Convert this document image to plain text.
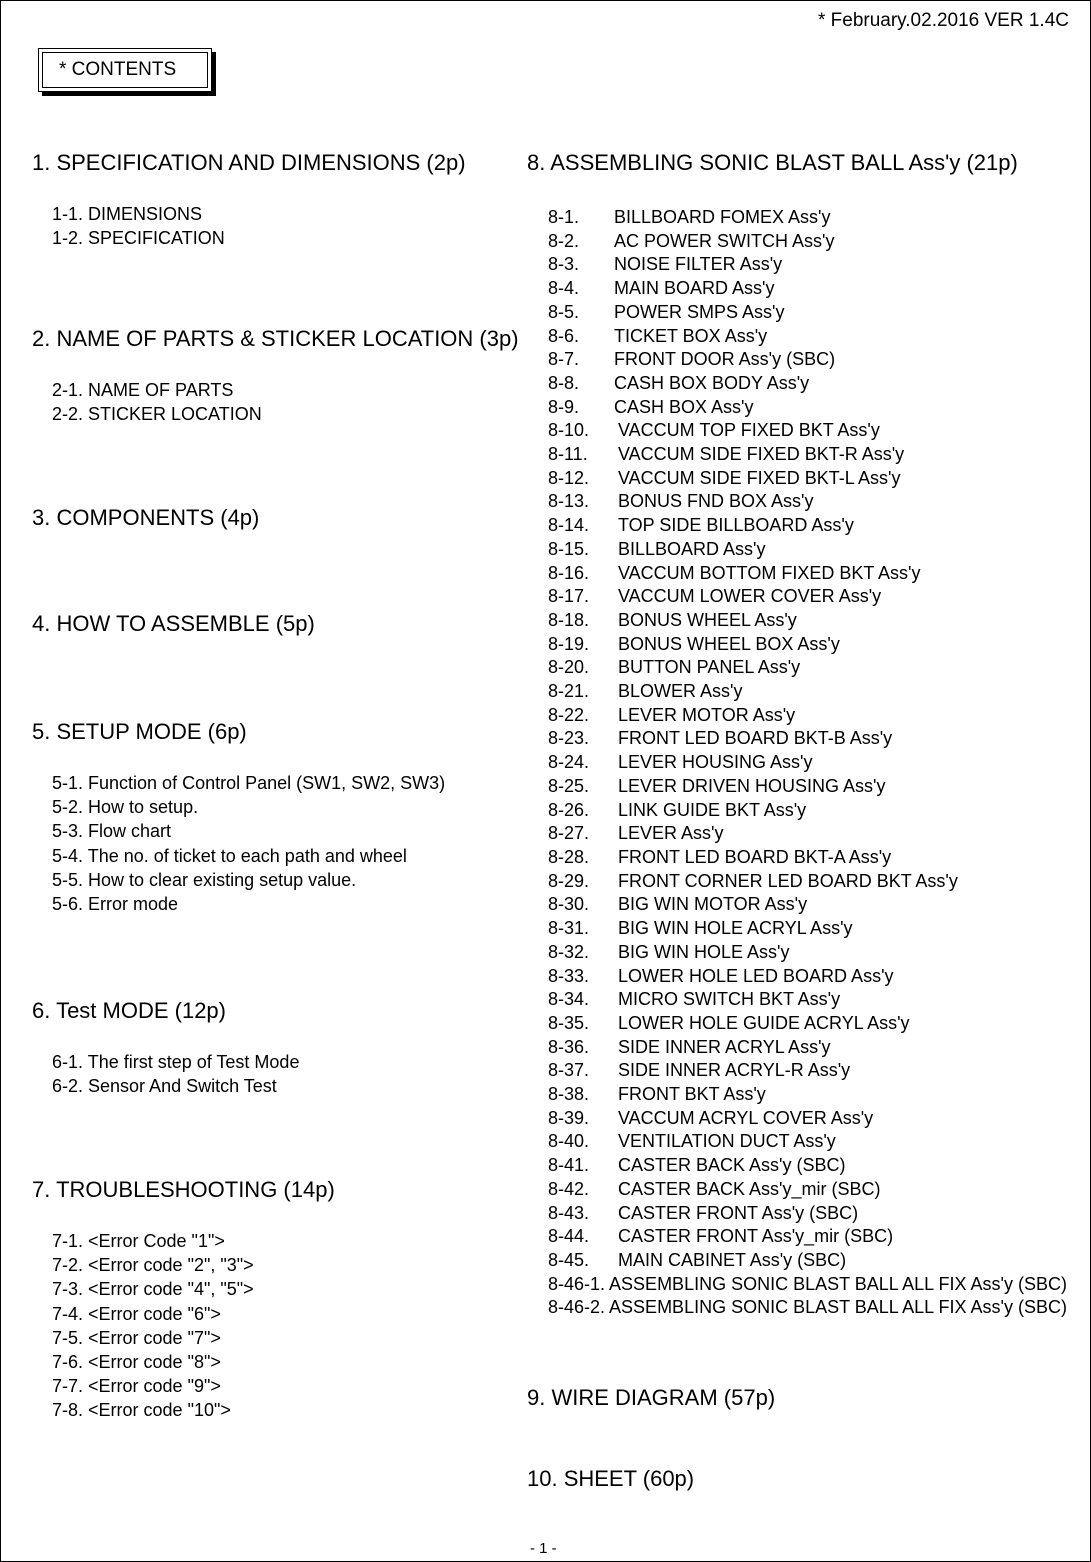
* February.02.2016 VER 1.4C
* CONTENTS
1. SPECIFICATION AND DIMENSIONS (2p)
1-1. DIMENSIONS
1-2. SPECIFICATION
2. NAME OF PARTS & STICKER LOCATION (3p)
2-1. NAME OF PARTS
2-2. STICKER LOCATION
3. COMPONENTS (4p)
4. HOW TO ASSEMBLE (5p)
5. SETUP MODE (6p)
5-1. Function of Control Panel (SW1, SW2, SW3)
5-2. How to setup.
5-3. Flow chart
5-4. The no. of ticket to each path and wheel
5-5. How to clear existing setup value.
5-6. Error mode
6. Test MODE (12p)
6-1. The first step of Test Mode
6-2. Sensor And Switch Test
7. TROUBLESHOOTING (14p)
7-1. <Error Code "1">
7-2. <Error code "2", "3">
7-3. <Error code "4", "5">
7-4. <Error code "6">
7-5. <Error code "7">
7-6. <Error code "8">
7-7. <Error code "9">
7-8. <Error code "10">
8. ASSEMBLING SONIC BLAST BALL Ass'y (21p)
8-1. BILLBOARD FOMEX Ass'y
8-2. AC POWER SWITCH Ass'y
8-3. NOISE FILTER Ass'y
8-4. MAIN BOARD Ass'y
8-5. POWER SMPS Ass'y
8-6. TICKET BOX Ass'y
8-7. FRONT DOOR Ass'y (SBC)
8-8. CASH BOX BODY Ass'y
8-9. CASH BOX Ass'y
8-10. VACCUM TOP FIXED BKT Ass'y
8-11. VACCUM SIDE FIXED BKT-R Ass'y
8-12. VACCUM SIDE FIXED BKT-L Ass'y
8-13. BONUS FND BOX Ass'y
8-14. TOP SIDE BILLBOARD Ass'y
8-15. BILLBOARD Ass'y
8-16. VACCUM BOTTOM FIXED BKT Ass'y
8-17. VACCUM LOWER COVER Ass'y
8-18. BONUS WHEEL Ass'y
8-19. BONUS WHEEL BOX Ass'y
8-20. BUTTON PANEL Ass'y
8-21. BLOWER Ass'y
8-22. LEVER MOTOR Ass'y
8-23. FRONT LED BOARD BKT-B Ass'y
8-24. LEVER HOUSING Ass'y
8-25. LEVER DRIVEN HOUSING Ass'y
8-26. LINK GUIDE BKT Ass'y
8-27. LEVER Ass'y
8-28. FRONT LED BOARD BKT-A Ass'y
8-29. FRONT CORNER LED BOARD BKT Ass'y
8-30. BIG WIN MOTOR Ass'y
8-31. BIG WIN HOLE ACRYL Ass'y
8-32. BIG WIN HOLE Ass'y
8-33. LOWER HOLE LED BOARD Ass'y
8-34. MICRO SWITCH BKT Ass'y
8-35. LOWER HOLE GUIDE ACRYL Ass'y
8-36. SIDE INNER ACRYL Ass'y
8-37. SIDE INNER ACRYL-R Ass'y
8-38. FRONT BKT Ass'y
8-39. VACCUM ACRYL COVER Ass'y
8-40. VENTILATION DUCT Ass'y
8-41. CASTER BACK Ass'y (SBC)
8-42. CASTER BACK Ass'y_mir (SBC)
8-43. CASTER FRONT Ass'y (SBC)
8-44. CASTER FRONT Ass'y_mir (SBC)
8-45. MAIN CABINET Ass'y (SBC)
8-46-1. ASSEMBLING SONIC BLAST BALL ALL FIX Ass'y (SBC)
8-46-2. ASSEMBLING SONIC BLAST BALL ALL FIX Ass'y (SBC)
9. WIRE DIAGRAM (57p)
10. SHEET (60p)
- 1 -
